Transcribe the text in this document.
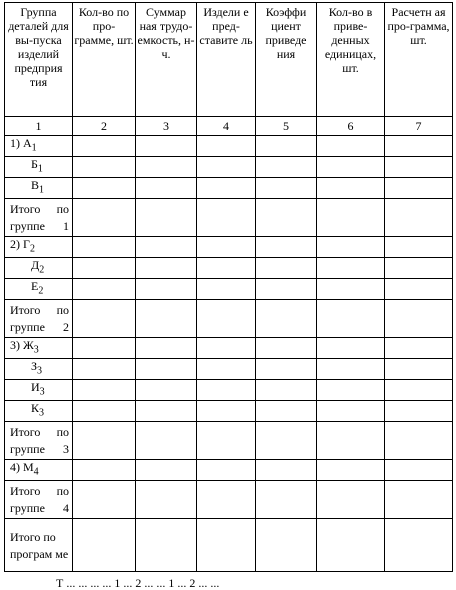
Группа деталей для вы-пуска изделий предприя тия	Кол-во по про-грамме, шт.	Суммар ная трудо-емкость, н-ч.	Издели е пред-ставите ль	Коэффи циент приведе ния	Кол-во в приве-денных единицах, шт.	Расчетн ая про-грамма, шт.
1	2	3	4	5	6	7
1) $А_1$						
$Б_1$						
$В_1$						
Итого по группе 1						
2) $Г_2$						
$Д_2$						
$Е_2$						
Итого по группе 2						
3) $Ж_3$						
$З_3$						
$И_3$						
$К_3$						
Итого по группе 3						
4) $М_4$						
Итого по группе 4						
Итого по програм ме						
Т ... ... ... ... 1 ... 2 ... ... 1 ... 2 ... ...
